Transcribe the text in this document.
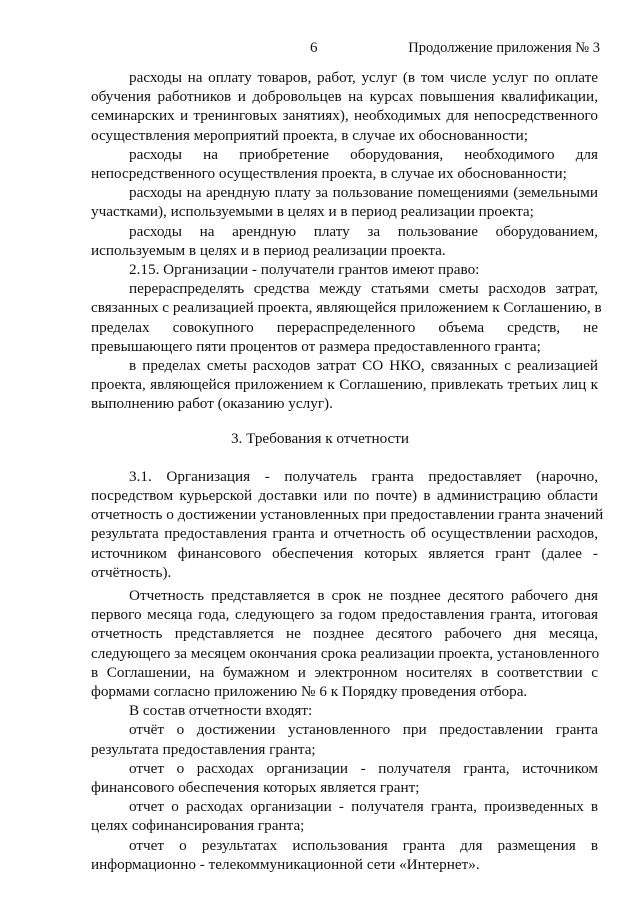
6	Продолжение приложения № 3
расходы на оплату товаров, работ, услуг (в том числе услуг по оплате
обучения работников и добровольцев на курсах повышения квалификации,
семинарских и тренинговых занятиях), необходимых для непосредственного
осуществления мероприятий проекта, в случае их обоснованности;
расходы на приобретение оборудования, необходимого для
непосредственного осуществления проекта, в случае их обоснованности;
расходы на арендную плату за пользование помещениями (земельными
участками), используемыми в целях и в период реализации проекта;
расходы на арендную плату за пользование оборудованием,
используемым в целях и в период реализации проекта.
2.15. Организации - получатели грантов имеют право:
перераспределять средства между статьями сметы расходов затрат,
связанных с реализацией проекта, являющейся приложением к Соглашению, в
пределах совокупного перераспределенного объема средств, не
превышающего пяти процентов от размера предоставленного гранта;
в пределах сметы расходов затрат СО НКО, связанных с реализацией
проекта, являющейся приложением к Соглашению, привлекать третьих лиц к
выполнению работ (оказанию услуг).
3. Требования к отчетности
3.1. Организация - получатель гранта предоставляет (нарочно,
посредством курьерской доставки или по почте) в администрацию области
отчетность о достижении установленных при предоставлении гранта значений
результата предоставления гранта и отчетность об осуществлении расходов,
источником финансового обеспечения которых является грант (далее -
отчётность).
Отчетность представляется в срок не позднее десятого рабочего дня
первого месяца года, следующего за годом предоставления гранта, итоговая
отчетность представляется не позднее десятого рабочего дня месяца,
следующего за месяцем окончания срока реализации проекта, установленного
в Соглашении, на бумажном и электронном носителях в соответствии с
формами согласно приложению № 6 к Порядку проведения отбора.
В состав отчетности входят:
отчёт о достижении установленного при предоставлении гранта
результата предоставления гранта;
отчет о расходах организации - получателя гранта, источником
финансового обеспечения которых является грант;
отчет о расходах организации - получателя гранта, произведенных в
целях софинансирования гранта;
отчет о результатах использования гранта для размещения в
информационно - телекоммуникационной сети «Интернет».
